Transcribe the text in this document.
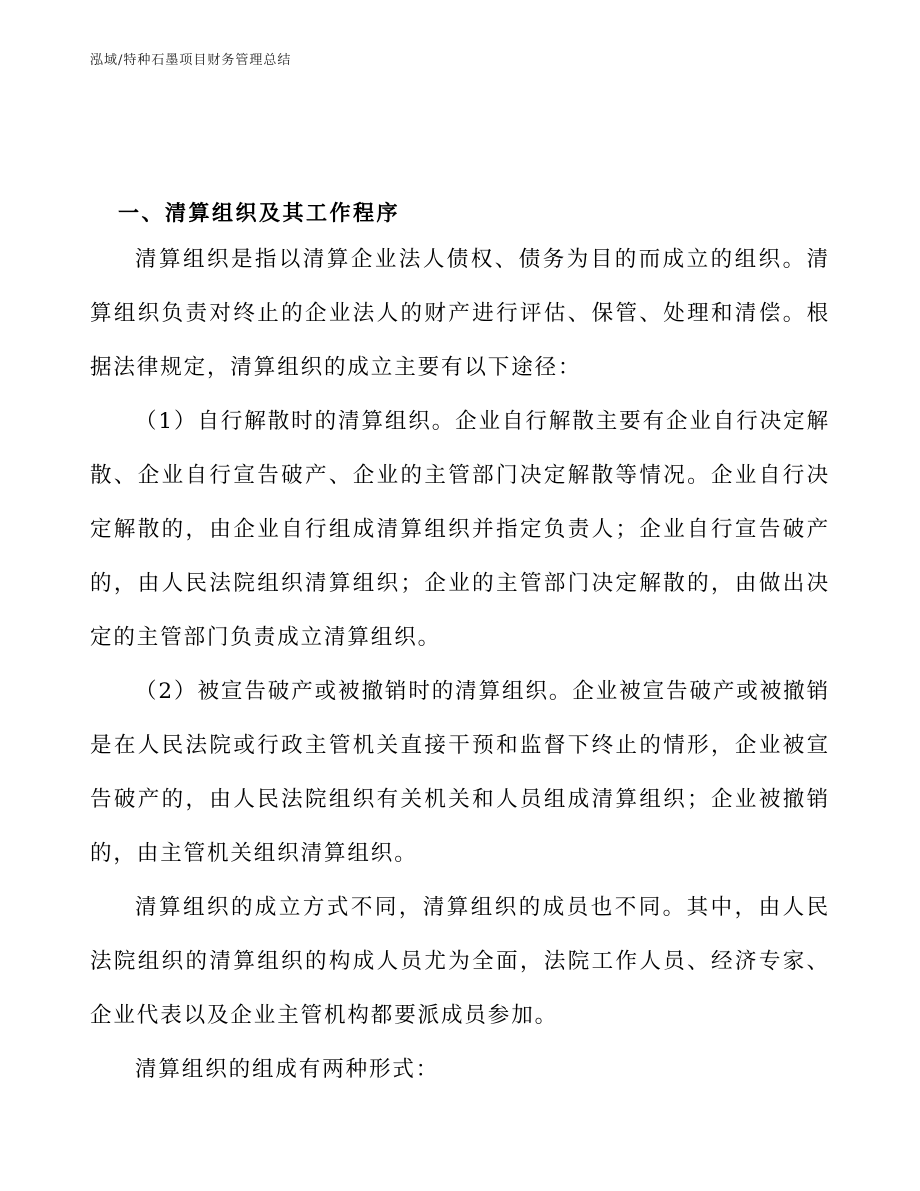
泓域/特种石墨项目财务管理总结
一、清算组织及其工作程序

清算组织是指以清算企业法人债权、债务为目的而成立的组织。清算组织负责对终止的企业法人的财产进行评估、保管、处理和清偿。根据法律规定，清算组织的成立主要有以下途径：

（1）自行解散时的清算组织。企业自行解散主要有企业自行决定解散、企业自行宣告破产、企业的主管部门决定解散等情况。企业自行决定解散的，由企业自行组成清算组织并指定负责人；企业自行宣告破产的，由人民法院组织清算组织；企业的主管部门决定解散的，由做出决定的主管部门负责成立清算组织。

（2）被宣告破产或被撤销时的清算组织。企业被宣告破产或被撤销是在人民法院或行政主管机关直接干预和监督下终止的情形，企业被宣告破产的，由人民法院组织有关机关和人员组成清算组织；企业被撤销的，由主管机关组织清算组织。

清算组织的成立方式不同，清算组织的成员也不同。其中，由人民法院组织的清算组织的构成人员尤为全面，法院工作人员、经济专家、企业代表以及企业主管机构都要派成员参加。

清算组织的组成有两种形式：
